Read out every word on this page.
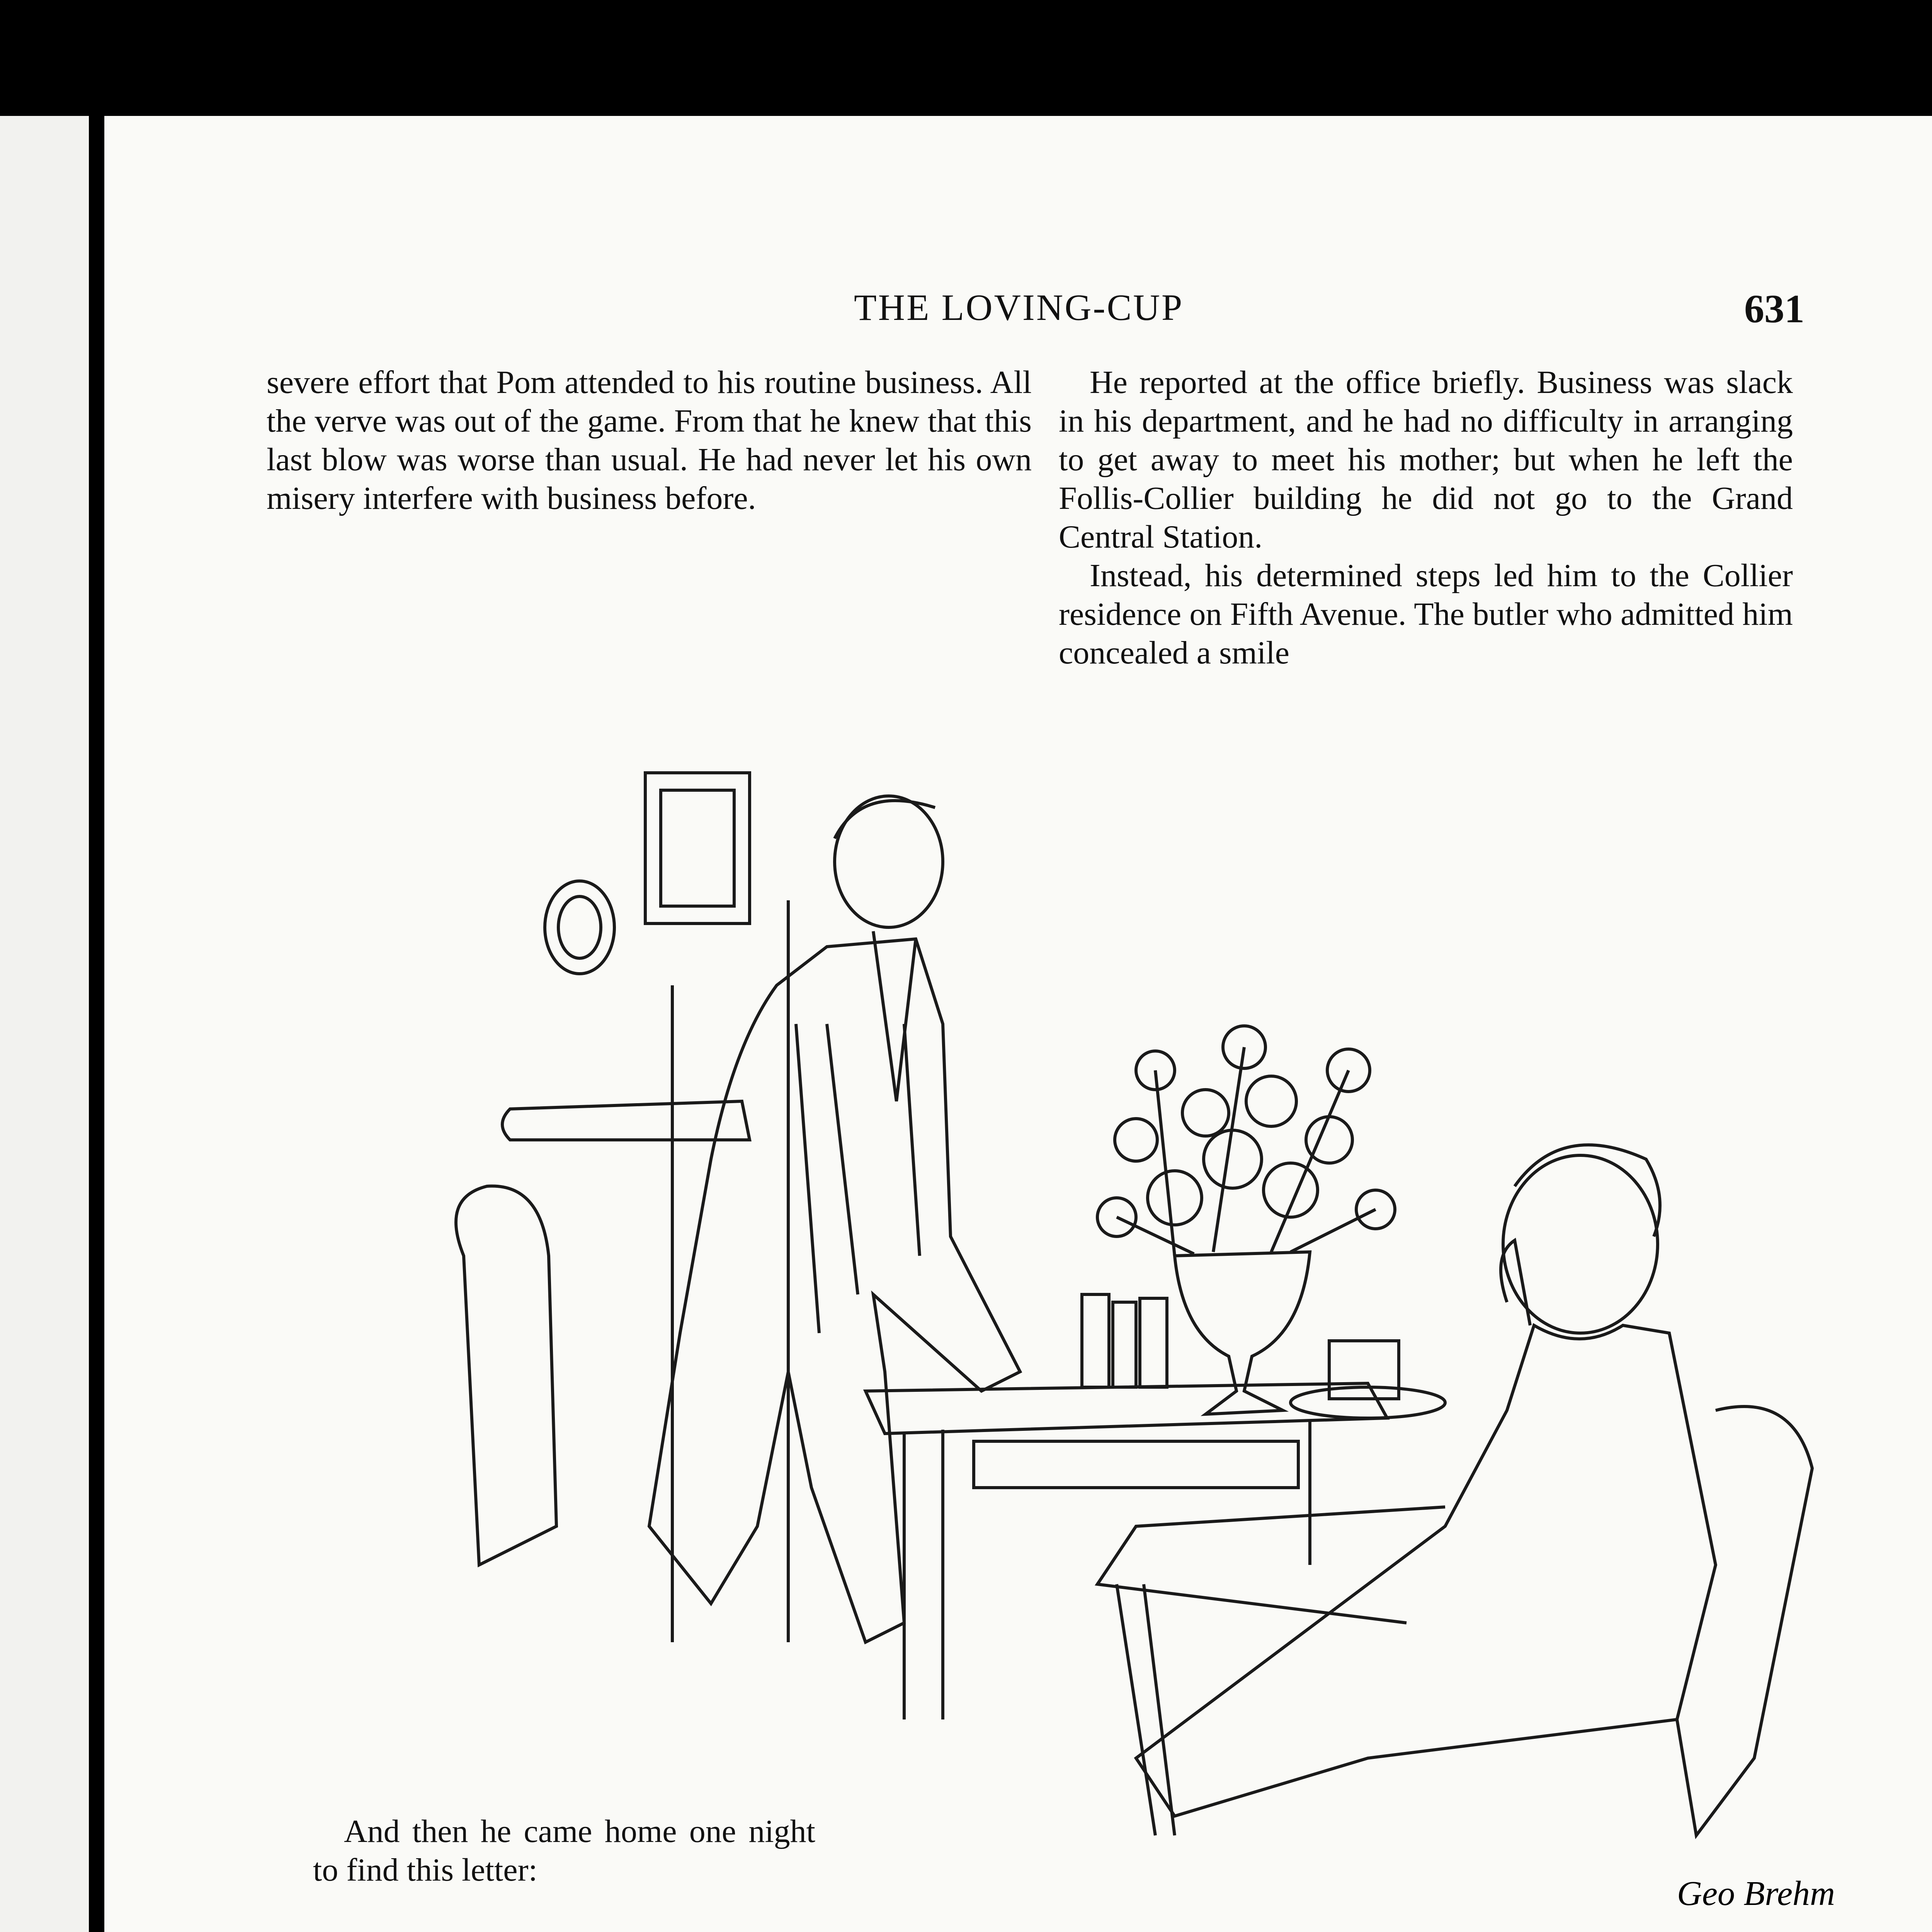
THE LOVING-CUP	631

severe effort that Pom attended to his routine business. All the verve was out of the game. From that he knew that this last blow was worse than usual. He had never let his own misery interfere with business before.

He reported at the office briefly. Business was slack in his department, and he had no difficulty in arranging to get away to meet his mother; but when he left the Follis-Collier building he did not go to the Grand Central Station.

Instead, his determined steps led him to the Collier residence on Fifth Avenue. The butler who admitted him concealed a smile

Geo Brehm

And then he came home one night to find this letter:
